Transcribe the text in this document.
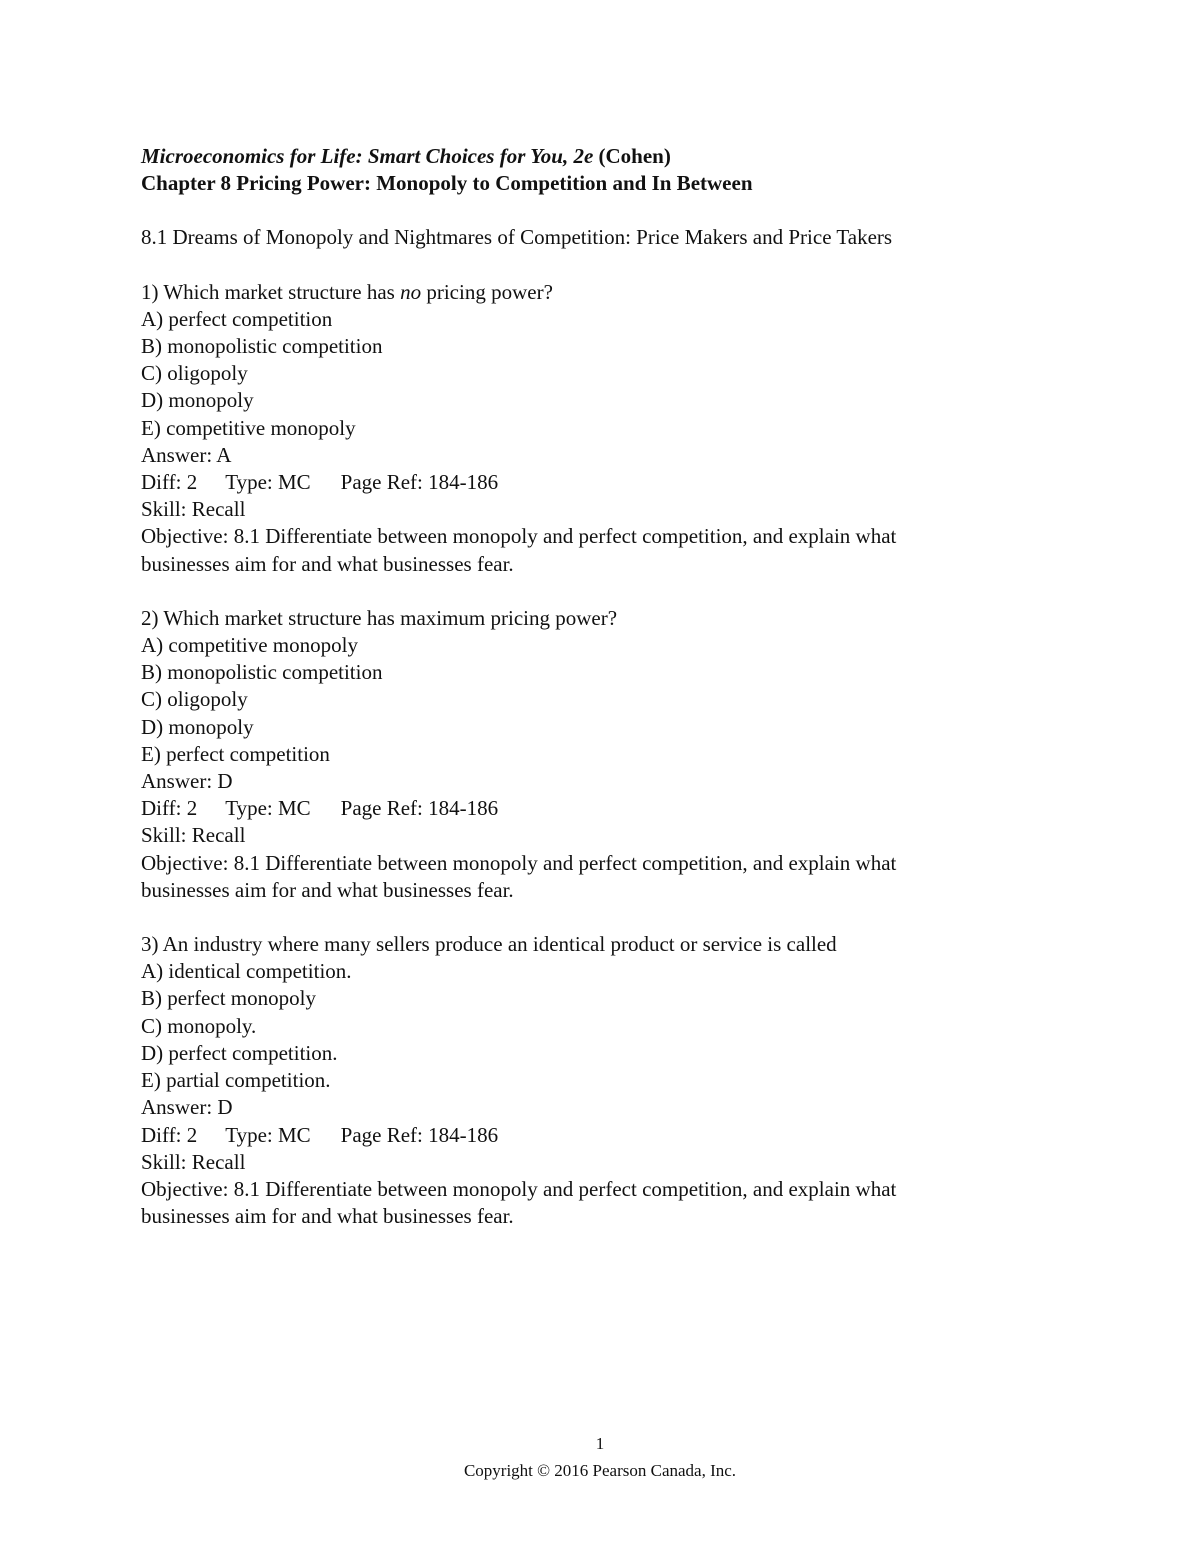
Microeconomics for Life: Smart Choices for You, 2e (Cohen)

Chapter 8 Pricing Power: Monopoly to Competition and In Between

8.1 Dreams of Monopoly and Nightmares of Competition: Price Makers and Price Takers

1) Which market structure has no pricing power?

A) perfect competition

B) monopolistic competition

C) oligopoly

D) monopoly

E) competitive monopoly

Answer: A

Diff: 2 Type: MC Page Ref: 184-186

Skill: Recall

Objective: 8.1 Differentiate between monopoly and perfect competition, and explain what

businesses aim for and what businesses fear.

2) Which market structure has maximum pricing power?

A) competitive monopoly

B) monopolistic competition

C) oligopoly

D) monopoly

E) perfect competition

Answer: D

Diff: 2 Type: MC Page Ref: 184-186

Skill: Recall

Objective: 8.1 Differentiate between monopoly and perfect competition, and explain what

businesses aim for and what businesses fear.

3) An industry where many sellers produce an identical product or service is called

A) identical competition.

B) perfect monopoly

C) monopoly.

D) perfect competition.

E) partial competition.

Answer: D

Diff: 2 Type: MC Page Ref: 184-186

Skill: Recall

Objective: 8.1 Differentiate between monopoly and perfect competition, and explain what

businesses aim for and what businesses fear.

1
Copyright © 2016 Pearson Canada, Inc.
